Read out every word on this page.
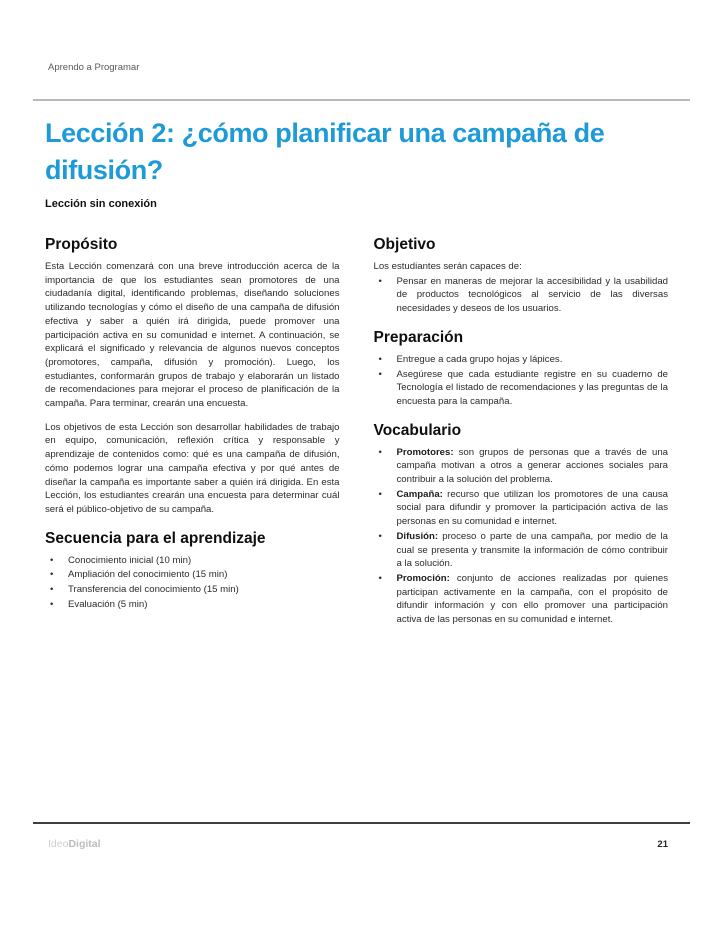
Aprendo a Programar
Lección 2: ¿cómo planificar una campaña de difusión?
Lección sin conexión
Propósito

Esta Lección comenzará con una breve introducción acerca de la importancia de que los estudiantes sean promotores de una ciudadanía digital, identificando problemas, diseñando soluciones utilizando tecnologías y cómo el diseño de una campaña de difusión efectiva y saber a quién irá dirigida, puede promover una participación activa en su comunidad e internet. A continuación, se explicará el significado y relevancia de algunos nuevos conceptos (promotores, campaña, difusión y promoción). Luego, los estudiantes, conformarán grupos de trabajo y elaborarán un listado de recomendaciones para mejorar el proceso de planificación de la campaña. Para terminar, crearán una encuesta.

Los objetivos de esta Lección son desarrollar habilidades de trabajo en equipo, comunicación, reflexión crítica y responsable y aprendizaje de contenidos como: qué es una campaña de difusión, cómo podemos lograr una campaña efectiva y por qué antes de diseñar la campaña es importante saber a quién irá dirigida. En esta Lección, los estudiantes crearán una encuesta para determinar cuál será el público-objetivo de su campaña.

Secuencia para el aprendizaje
•	Conocimiento inicial (10 min)
•	Ampliación del conocimiento (15 min)
•	Transferencia del conocimiento (15 min)
•	Evaluación (5 min)
Objetivo

Los estudiantes serán capaces de:

•	Pensar en maneras de mejorar la accesibilidad y la usabilidad de productos tecnológicos al servicio de las diversas necesidades y deseos de los usuarios.
Preparación
•	Entregue a cada grupo hojas y lápices.
•	Asegúrese que cada estudiante registre en su cuaderno de Tecnología el listado de recomendaciones y las preguntas de la encuesta para la campaña.
Vocabulario
•	Promotores: son grupos de personas que a través de una campaña motivan a otros a generar acciones sociales para contribuir a la solución del problema.
•	Campaña: recurso que utilizan los promotores de una causa social para difundir y promover la participación activa de las personas en su comunidad e internet.
•	Difusión: proceso o parte de una campaña, por medio de la cual se presenta y transmite la información de cómo contribuir a la solución.
•	Promoción: conjunto de acciones realizadas por quienes participan activamente en la campaña, con el propósito de difundir información y con ello promover una participación activa de las personas en su comunidad e internet.
IdeoDigital	21
